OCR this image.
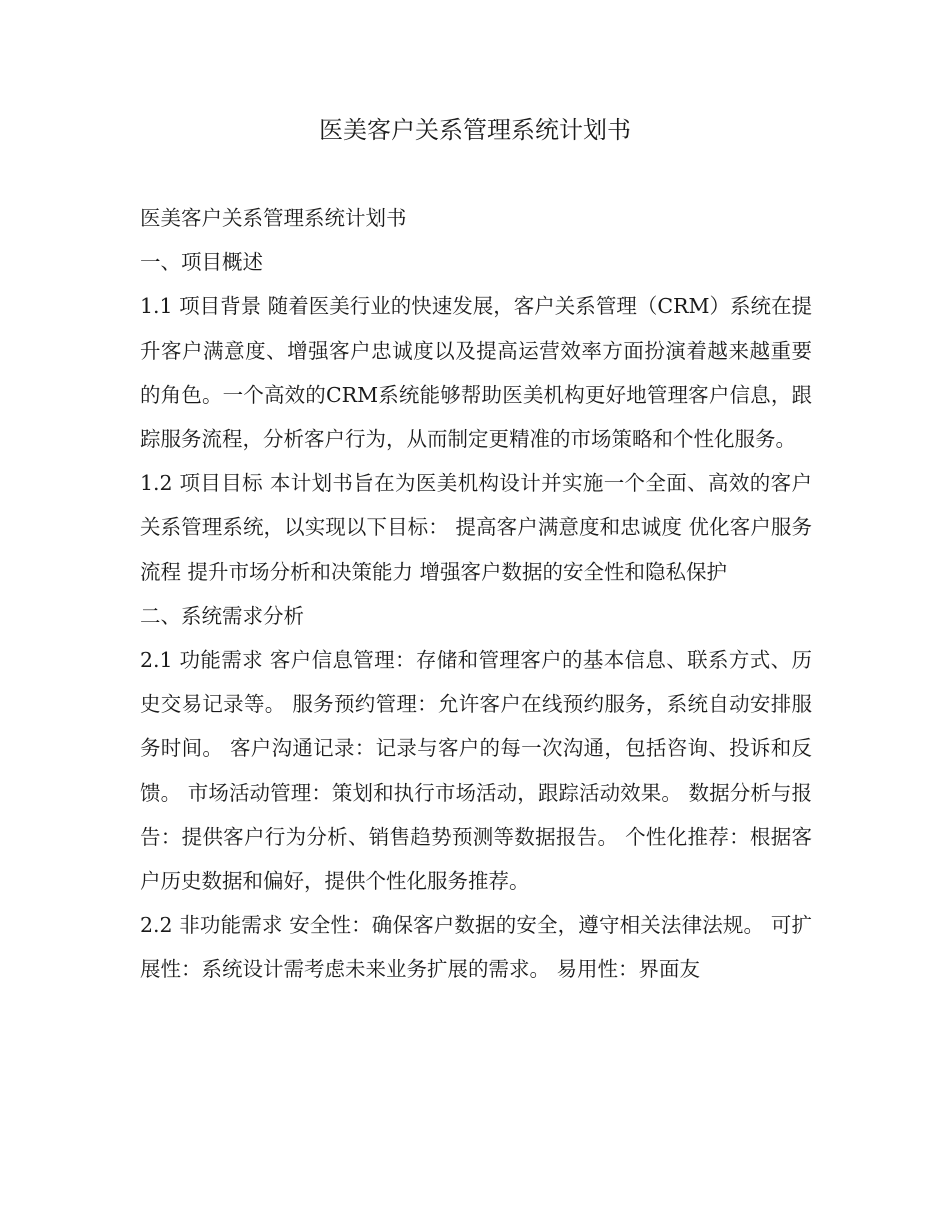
医美客户关系管理系统计划书

医美客户关系管理系统计划书

一、项目概述

1.1 项目背景 随着医美行业的快速发展，客户关系管理（CRM）系统在提升客户满意度、增强客户忠诚度以及提高运营效率方面扮演着越来越重要的角色。一个高效的CRM系统能够帮助医美机构更好地管理客户信息，跟踪服务流程，分析客户行为，从而制定更精准的市场策略和个性化服务。

1.2 项目目标 本计划书旨在为医美机构设计并实施一个全面、高效的客户关系管理系统，以实现以下目标： 提高客户满意度和忠诚度 优化客户服务流程 提升市场分析和决策能力 增强客户数据的安全性和隐私保护

二、系统需求分析

2.1 功能需求 客户信息管理：存储和管理客户的基本信息、联系方式、历史交易记录等。 服务预约管理：允许客户在线预约服务，系统自动安排服务时间。 客户沟通记录：记录与客户的每一次沟通，包括咨询、投诉和反馈。 市场活动管理：策划和执行市场活动，跟踪活动效果。 数据分析与报告：提供客户行为分析、销售趋势预测等数据报告。 个性化推荐：根据客户历史数据和偏好，提供个性化服务推荐。

2.2 非功能需求 安全性：确保客户数据的安全，遵守相关法律法规。 可扩展性：系统设计需考虑未来业务扩展的需求。 易用性：界面友
